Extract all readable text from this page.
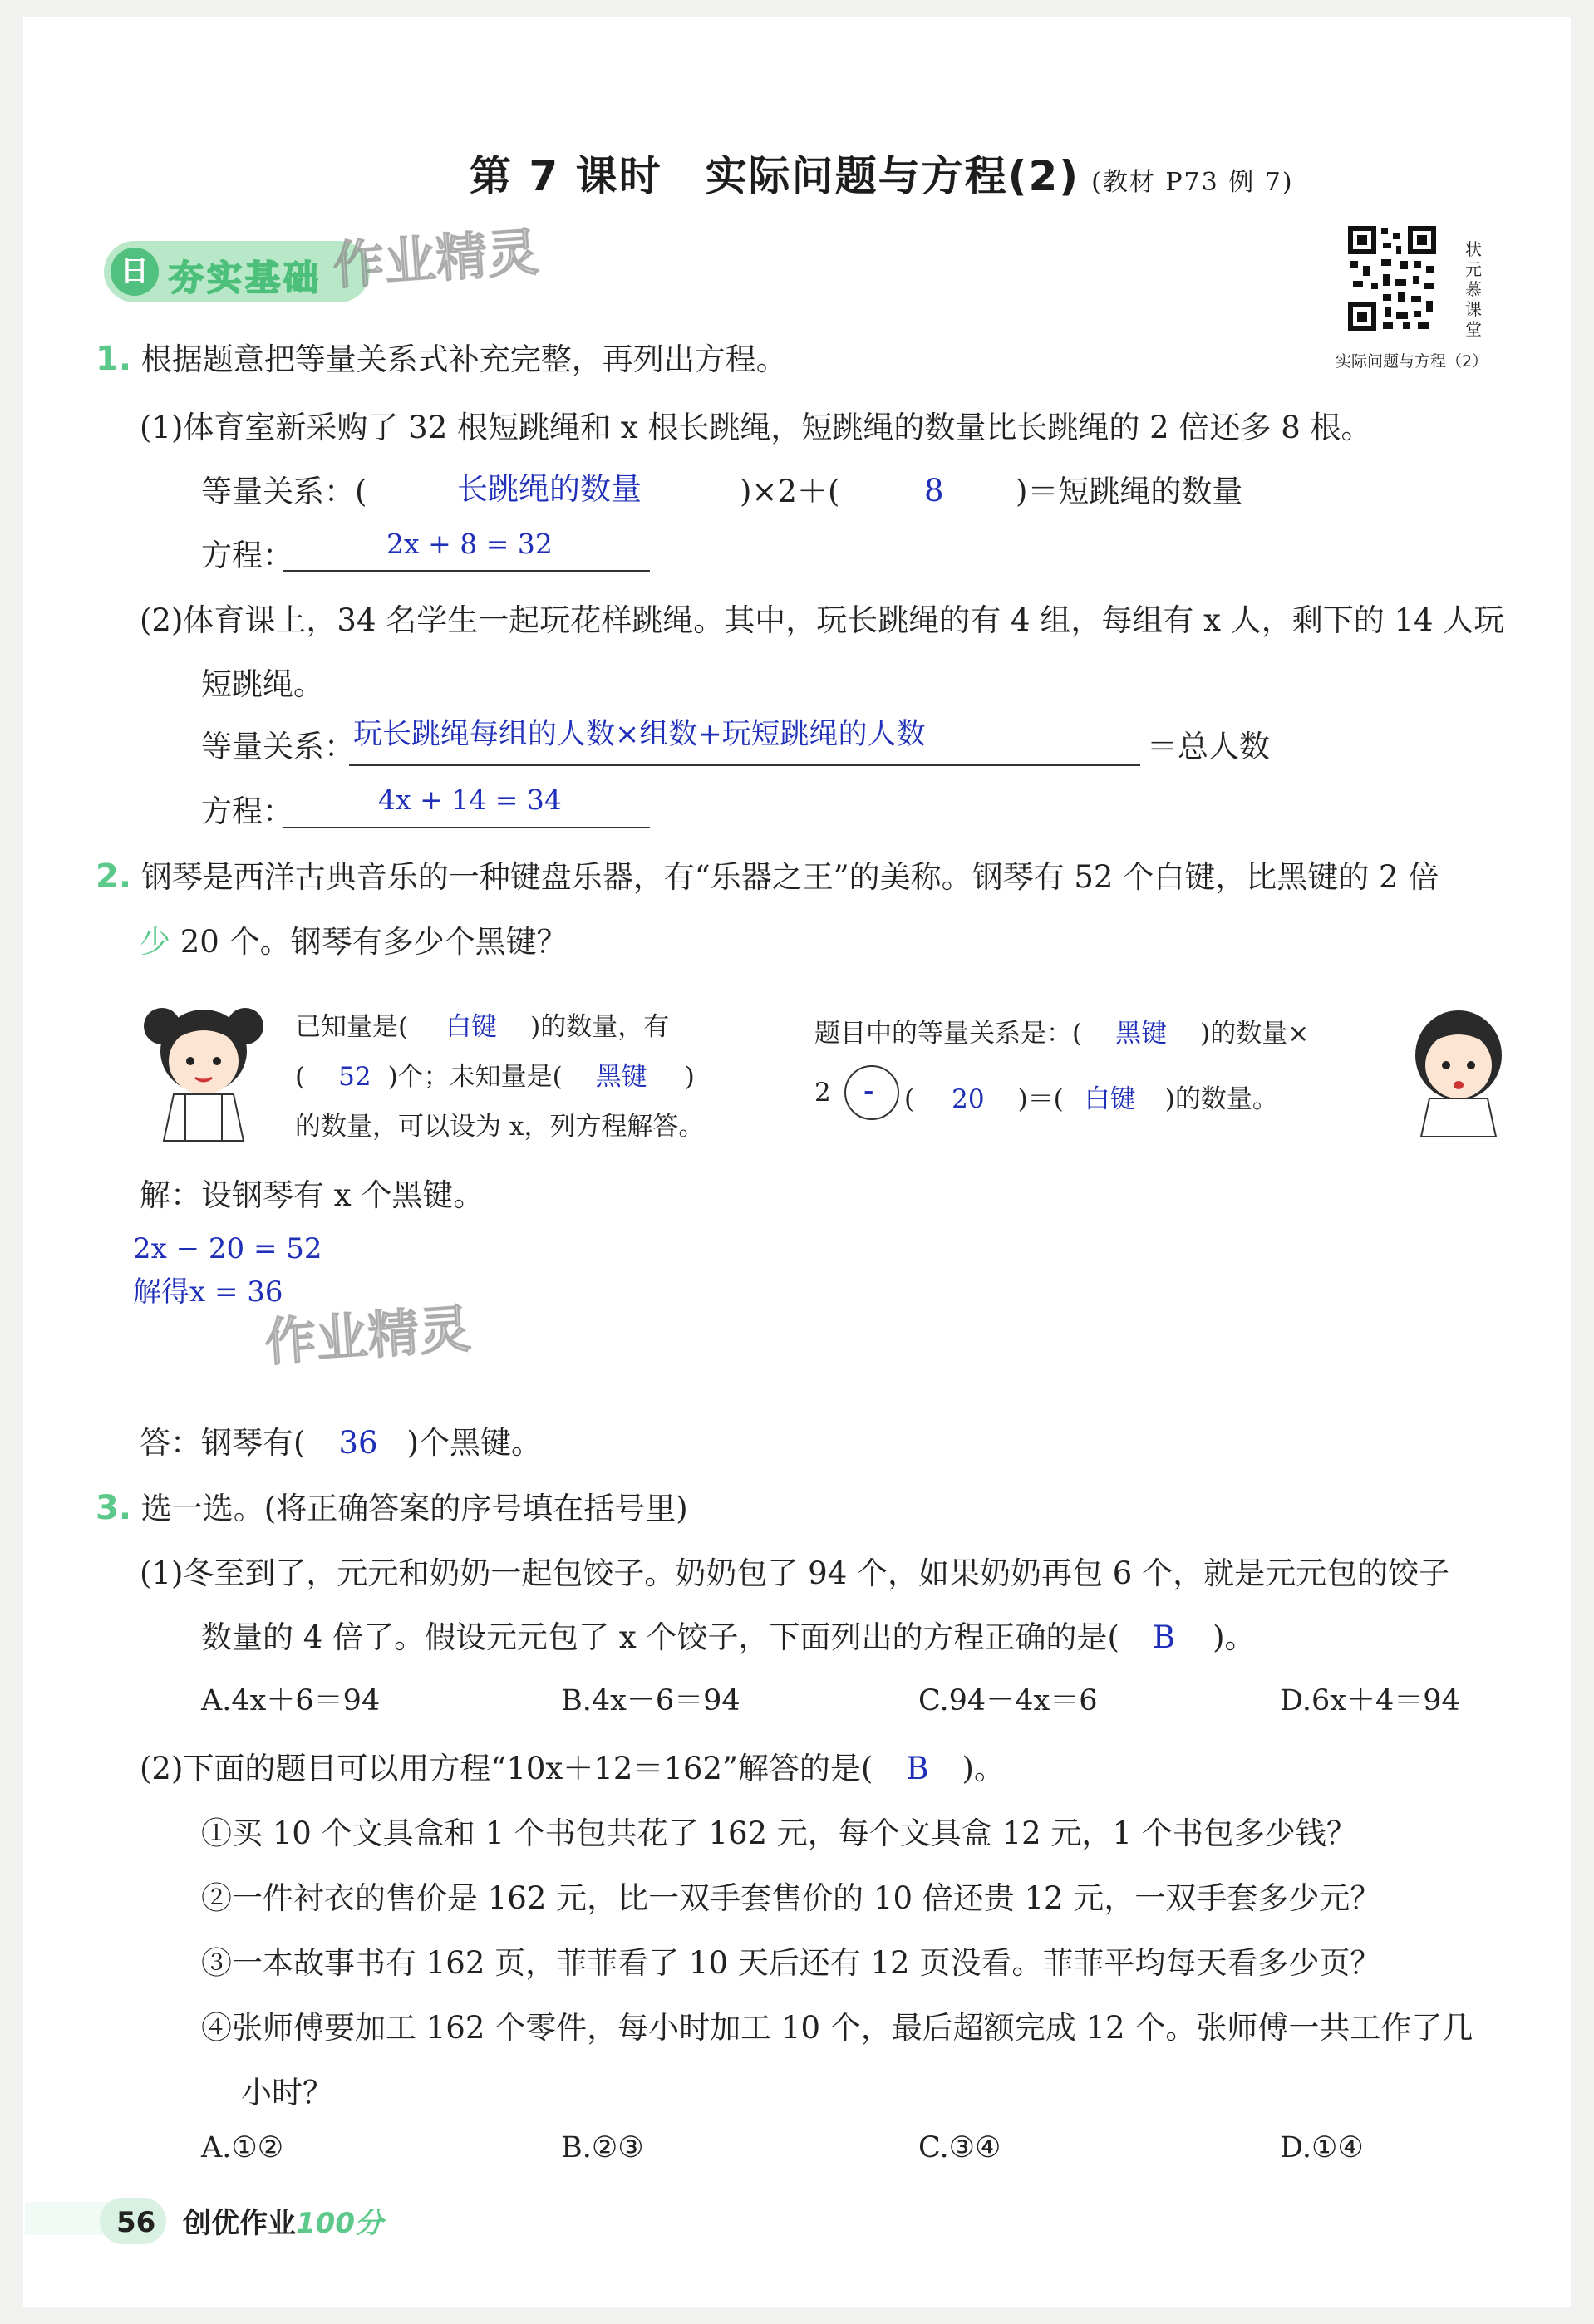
第 7 课时　实际问题与方程(2) (教材 P73 例 7)
日 夯实基础 作业精灵	状元慕课堂
实际问题与方程（2）
1. 根据题意把等量关系式补充完整，再列出方程。
(1)体育室新采购了 32 根短跳绳和 x 根长跳绳，短跳绳的数量比长跳绳的 2 倍还多 8 根。
等量关系：(	长跳绳的数量	)×2＋(	8 )＝短跳绳的数量
方程：	2x + 8 = 32
(2)体育课上，34 名学生一起玩花样跳绳。其中，玩长跳绳的有 4 组，每组有 x 人，剩下的 14 人玩
短跳绳。
等量关系：
玩长跳绳每组的人数×组数+玩短跳绳的人数	＝总人数
方程：	4x + 14 = 34
2. 钢琴是西洋古典音乐的一种键盘乐器，有“乐器之王”的美称。钢琴有 52 个白键，比黑键的 2 倍
少 20 个。钢琴有多少个黑键？
已知量是( 白键 )的数量，有
( 52 )个；未知量是( 黑键 )
的数量，可以设为 x，列方程解答。
题目中的等量关系是：( 黑键 )的数量×
2 - ( 20 )＝( 白键 )的数量。
解：设钢琴有 x 个黑键。
2x − 20 = 52
解得x = 36
作业精灵
答：钢琴有( 36 )个黑键。
3. 选一选。(将正确答案的序号填在括号里)
(1)冬至到了，元元和奶奶一起包饺子。奶奶包了 94 个，如果奶奶再包 6 个，就是元元包的饺子
数量的 4 倍了。假设元元包了 x 个饺子，下面列出的方程正确的是( B )。
A.4x＋6＝94	B.4x－6＝94	C.94－4x＝6	D.6x＋4＝94
(2)下面的题目可以用方程“10x＋12＝162”解答的是( B )。
①买 10 个文具盒和 1 个书包共花了 162 元，每个文具盒 12 元，1 个书包多少钱？
②一件衬衣的售价是 162 元，比一双手套售价的 10 倍还贵 12 元，一双手套多少元？
③一本故事书有 162 页，菲菲看了 10 天后还有 12 页没看。菲菲平均每天看多少页？
④张师傅要加工 162 个零件，每小时加工 10 个，最后超额完成 12 个。张师傅一共工作了几
小时？
A.①②	B.②③	C.③④	D.①④
56 创优作业100分
